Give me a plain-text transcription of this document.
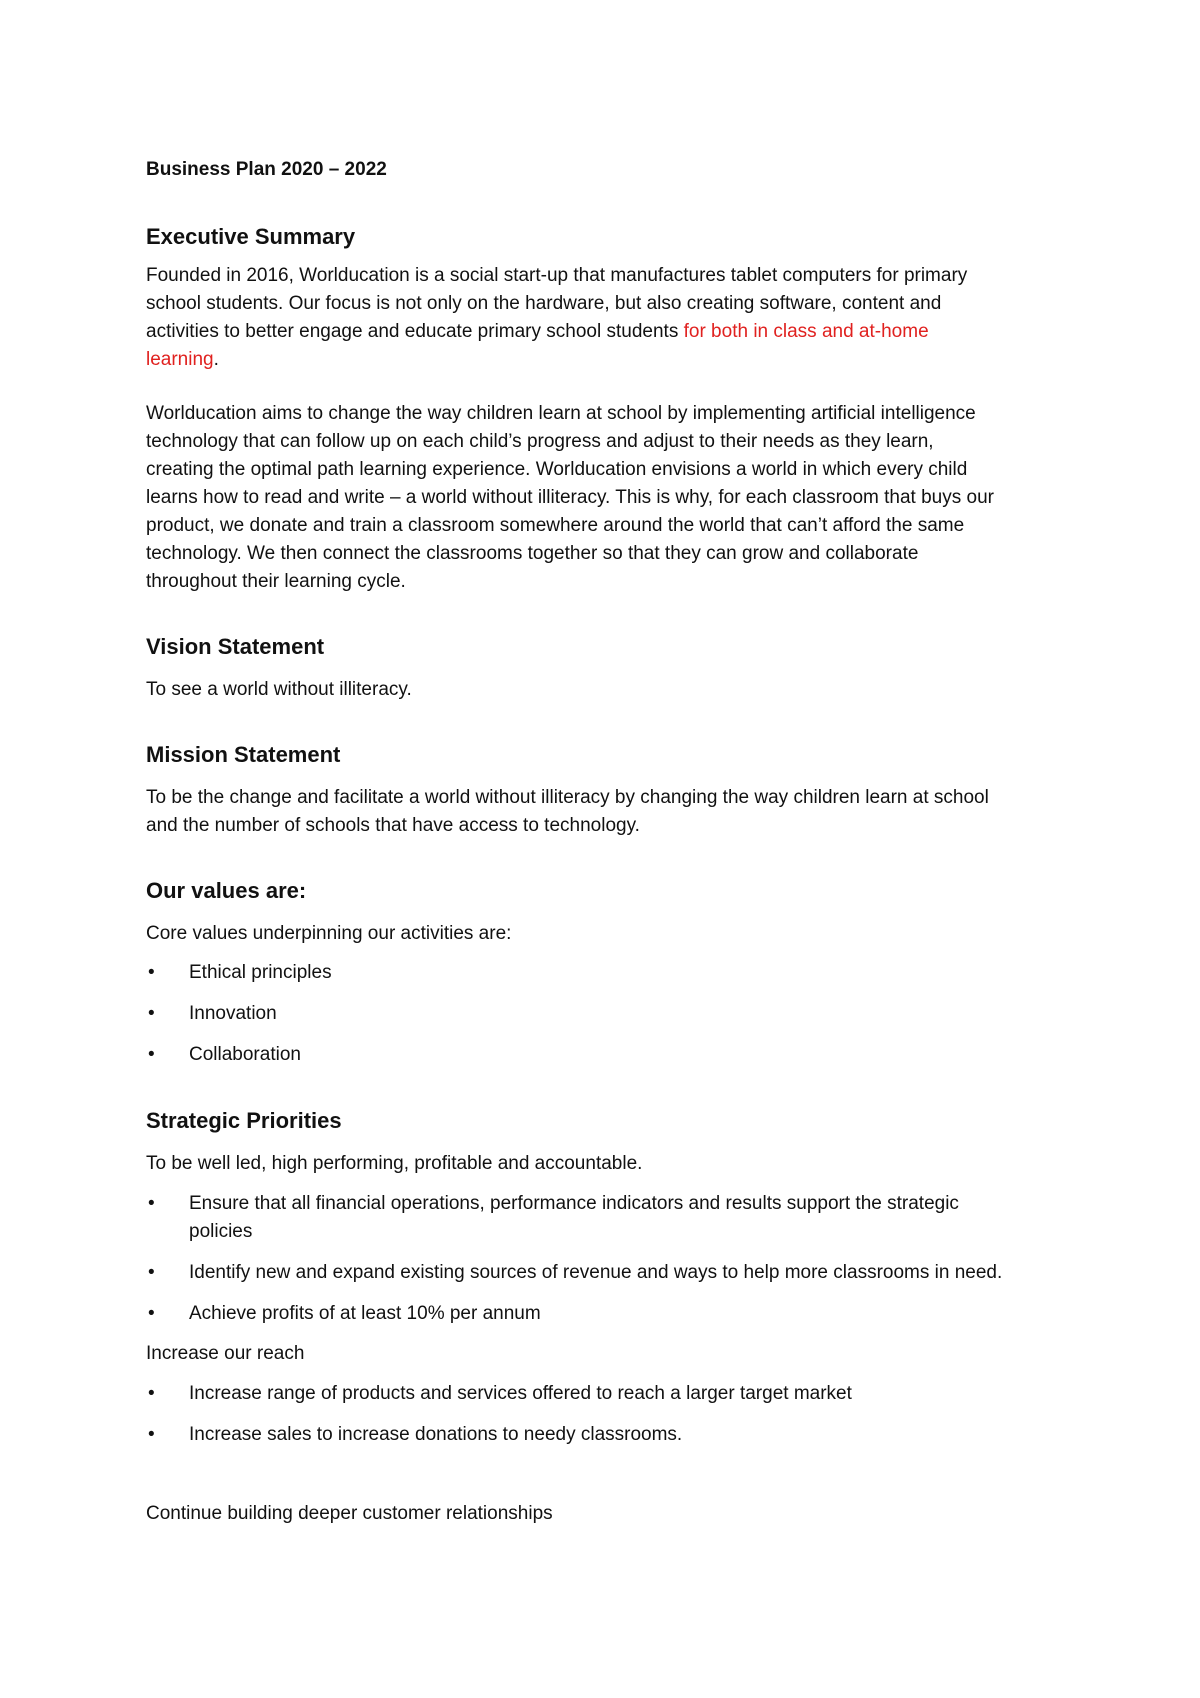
Business Plan 2020 – 2022
Executive Summary

Founded in 2016, Worlducation is a social start-up that manufactures tablet computers for primary
school students. Our focus is not only on the hardware, but also creating software, content and
activities to better engage and educate primary school students for both in class and at-home
learning.

Worlducation aims to change the way children learn at school by implementing artificial intelligence
technology that can follow up on each child’s progress and adjust to their needs as they learn,
creating the optimal path learning experience. Worlducation envisions a world in which every child
learns how to read and write – a world without illiteracy. This is why, for each classroom that buys our
product, we donate and train a classroom somewhere around the world that can’t afford the same
technology. We then connect the classrooms together so that they can grow and collaborate
throughout their learning cycle.

Vision Statement

To see a world without illiteracy.

Mission Statement

To be the change and facilitate a world without illiteracy by changing the way children learn at school
and the number of schools that have access to technology.

Our values are:

Core values underpinning our activities are:

• Ethical principles
• Innovation
• Collaboration
Strategic Priorities

To be well led, high performing, profitable and accountable.

• Ensure that all financial operations, performance indicators and results support the strategic policies
• Identify new and expand existing sources of revenue and ways to help more classrooms in need.
• Achieve profits of at least 10% per annum

Increase our reach

• Increase range of products and services offered to reach a larger target market
• Increase sales to increase donations to needy classrooms.

Continue building deeper customer relationships
